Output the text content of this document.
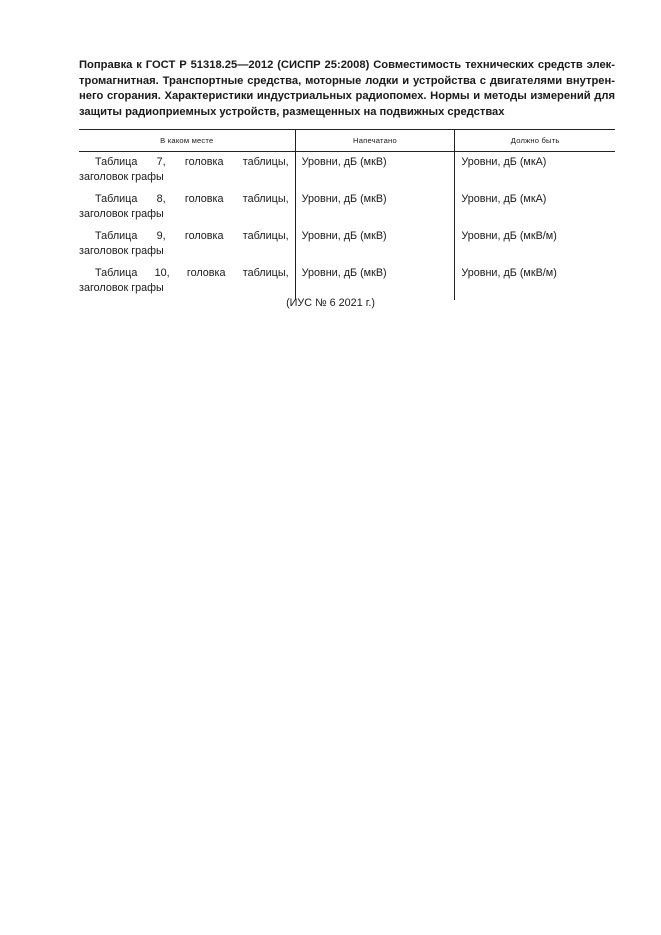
Поправка к ГОСТ Р 51318.25—2012 (СИСПР 25:2008) Совместимость технических средств элек-
тромагнитная. Транспортные средства, моторные лодки и устройства с двигателями внутрен-
него сгорания. Характеристики индустриальных радиопомех. Нормы и методы измерений для
защиты радиоприемных устройств, размещенных на подвижных средствах
В каком месте	Напечатано	Должно быть

Таблица 7, головка таблицы, заголовок графы	Уровни, дБ (мкВ)	Уровни, дБ (мкА)

Таблица 8, головка таблицы, заголовок графы	Уровни, дБ (мкВ)	Уровни, дБ (мкА)

Таблица 9, головка таблицы, заголовок графы	Уровни, дБ (мкВ)	Уровни, дБ (мкВ/м)

Таблица 10, головка таблицы, заголовок графы	Уровни, дБ (мкВ)	Уровни, дБ (мкВ/м)
(ИУС № 6 2021 г.)
